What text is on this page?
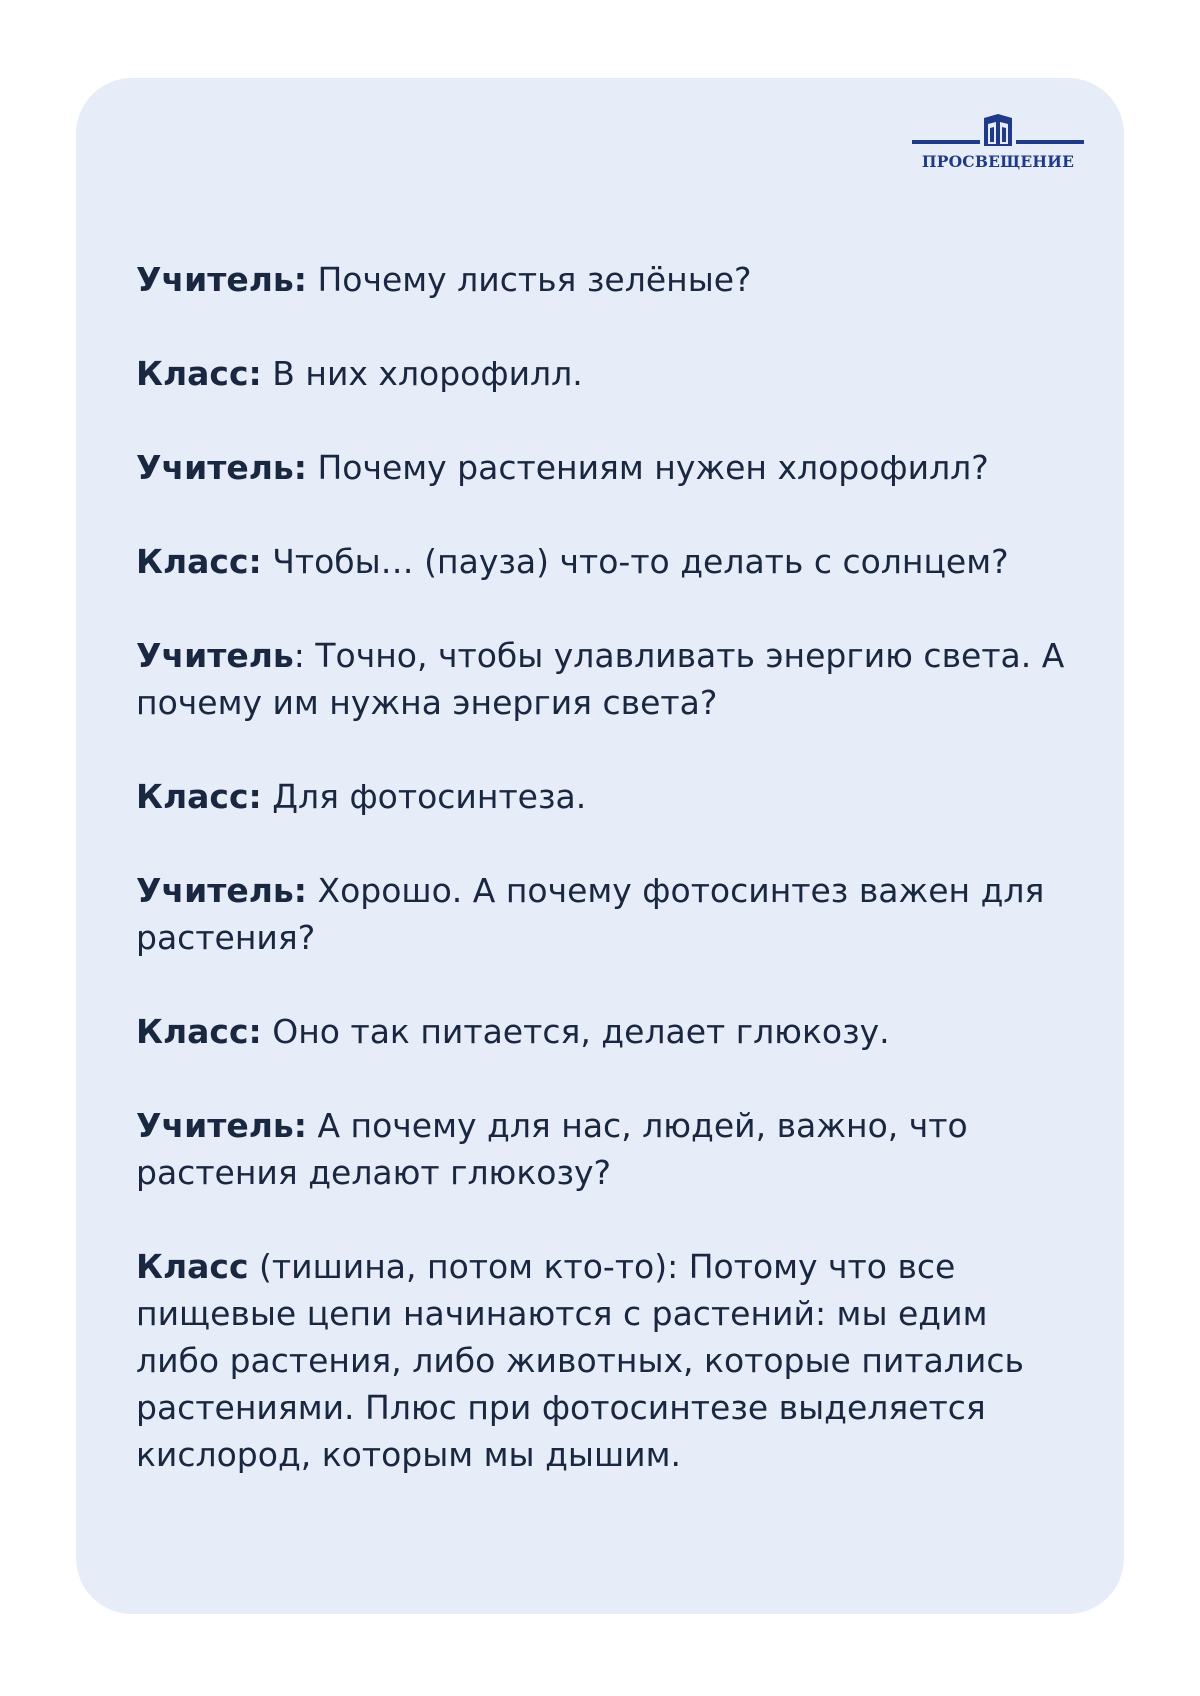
ПРОСВЕЩЕНИЕ

Учитель: Почему листья зелёные?

Класс: В них хлорофилл.

Учитель: Почему растениям нужен хлорофилл?

Класс: Чтобы… (пауза) что-то делать с солнцем?

Учитель: Точно, чтобы улавливать энергию света. А почему им нужна энергия света?

Класс: Для фотосинтеза.

Учитель: Хорошо. А почему фотосинтез важен для растения?

Класс: Оно так питается, делает глюкозу.

Учитель: А почему для нас, людей, важно, что растения делают глюкозу?

Класс (тишина, потом кто-то): Потому что все пищевые цепи начинаются с растений: мы едим либо растения, либо животных, которые питались растениями. Плюс при фотосинтезе выделяется кислород, которым мы дышим.
